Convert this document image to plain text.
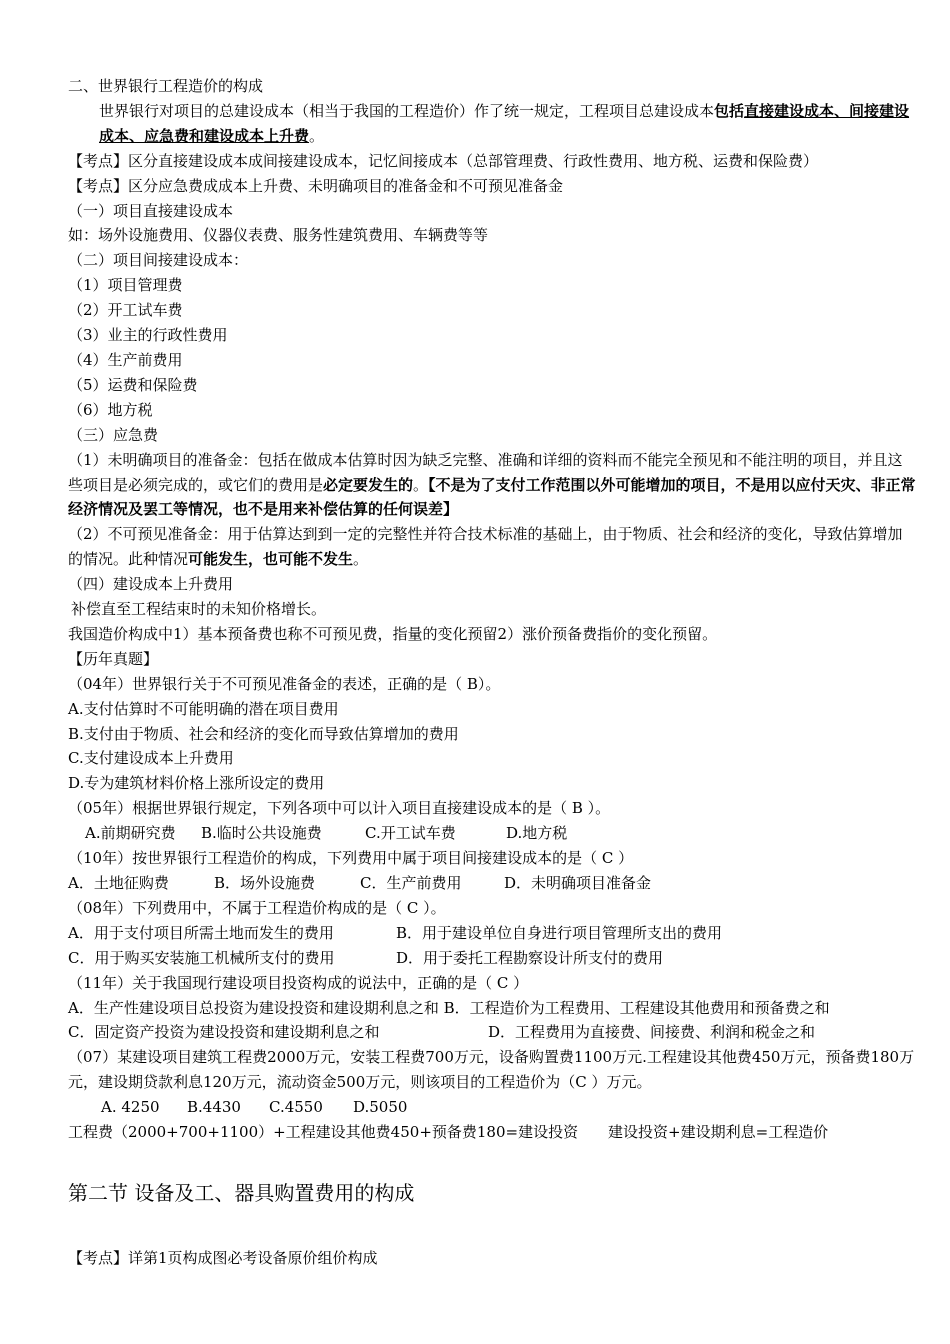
二、世界银行工程造价的构成
世界银行对项目的总建设成本（相当于我国的工程造价）作了统一规定，工程项目总建设成本包括直接建设成本、间接建设成本、应急费和建设成本上升费。
【考点】区分直接建设成本成间接建设成本，记忆间接成本（总部管理费、行政性费用、地方税、运费和保险费）
【考点】区分应急费成成本上升费、未明确项目的准备金和不可预见准备金
（一）项目直接建设成本
如：场外设施费用、仪器仪表费、服务性建筑费用、车辆费等等
（二）项目间接建设成本：
（1）项目管理费
（2）开工试车费
（3）业主的行政性费用
（4）生产前费用
（5）运费和保险费
（6）地方税
（三）应急费
（1）未明确项目的准备金：包括在做成本估算时因为缺乏完整、准确和详细的资料而不能完全预见和不能注明的项目，并且这些项目是必须完成的，或它们的费用是必定要发生的。【不是为了支付工作范围以外可能增加的项目，不是用以应付天灾、非正常经济情况及罢工等情况，也不是用来补偿估算的任何误差】
（2）不可预见准备金：用于估算达到到一定的完整性并符合技术标准的基础上，由于物质、社会和经济的变化，导致估算增加的情况。此种情况可能发生，也可能不发生。
（四）建设成本上升费用
补偿直至工程结束时的未知价格增长。
我国造价构成中1）基本预备费也称不可预见费，指量的变化预留2）涨价预备费指价的变化预留。
【历年真题】
（04年）世界银行关于不可预见准备金的表述，正确的是（ B）。
A.支付估算时不可能明确的潜在项目费用
B.支付由于物质、社会和经济的变化而导致估算增加的费用
C.支付建设成本上升费用
D.专为建筑材料价格上涨所设定的费用
（05年）根据世界银行规定，下列各项中可以计入项目直接建设成本的是（ B ）。
A.前期研究费 B.临时公共设施费	C.开工试车费	D.地方税
（10年）按世界银行工程造价的构成，下列费用中属于项目间接建设成本的是（ C ）
A．土地征购费	B．场外设施费	C．生产前费用	D．未明确项目准备金
（08年）下列费用中，不属于工程造价构成的是（ C ）。
A．用于支付项目所需土地而发生的费用	B．用于建设单位自身进行项目管理所支出的费用
C．用于购买安装施工机械所支付的费用	D．用于委托工程勘察设计所支付的费用
（11年）关于我国现行建设项目投资构成的说法中，正确的是（ C ）
A．生产性建设项目总投资为建设投资和建设期利息之和 B．工程造价为工程费用、工程建设其他费用和预备费之和
C．固定资产投资为建设投资和建设期利息之和	D．工程费用为直接费、间接费、利润和税金之和
（07）某建设项目建筑工程费2000万元，安装工程费700万元，设备购置费1100万元.工程建设其他费450万元，预备费180万元，建设期贷款利息120万元，流动资金500万元，则该项目的工程造价为（C ）万元。
A. 4250 B.4430 C.4550 D.5050
工程费（2000+700+1100）+工程建设其他费450+预备费180=建设投资 建设投资+建设期利息=工程造价
第二节 设备及工、器具购置费用的构成
【考点】详第1页构成图必考设备原价组价构成
